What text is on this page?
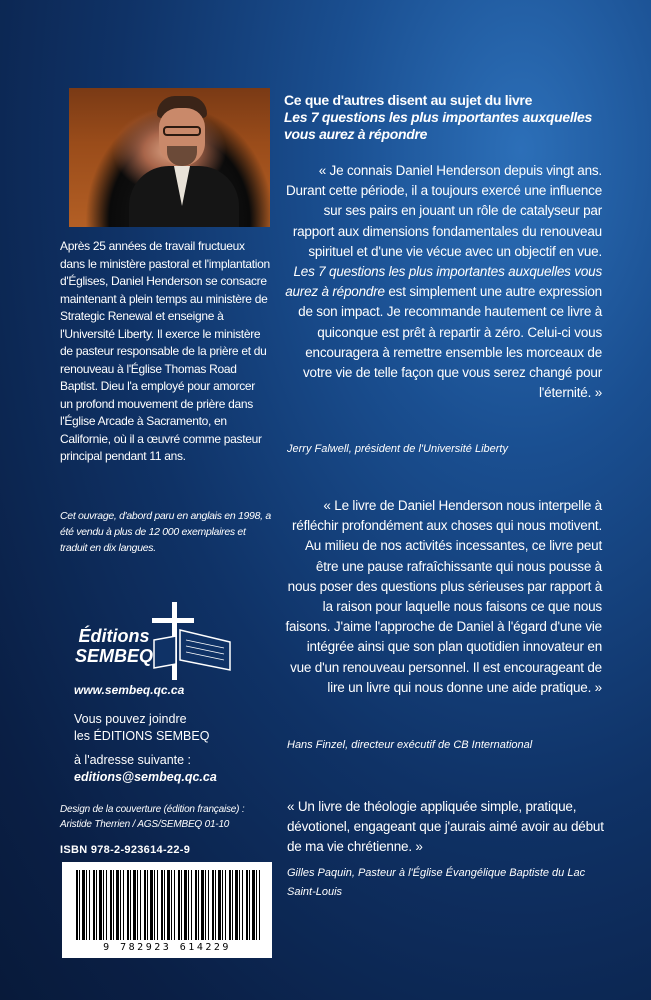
Après 25 années de travail fructueux dans le ministère pastoral et l'implantation d'Églises, Daniel Henderson se consacre maintenant à plein temps au ministère de Strategic Renewal et enseigne à l'Université Liberty. Il exerce le ministère de pasteur responsable de la prière et du renouveau à l'Église Thomas Road Baptist. Dieu l'a employé pour amorcer un profond mouvement de prière dans l'Église Arcade à Sacramento, en Californie, où il a œuvré comme pasteur principal pendant 11 ans.
Cet ouvrage, d'abord paru en anglais en 1998, a été vendu à plus de 12 000 exemplaires et traduit en dix langues.
Éditions
SEMBEQ
www.sembeq.qc.ca
Vous pouvez joindre
les ÉDITIONS SEMBEQ
à l'adresse suivante :
editions@sembeq.qc.ca
Design de la couverture (édition française) :
Aristide Therrien / AGS/SEMBEQ 01-10
ISBN 978-2-923614-22-9
9 782923 614229
Ce que d'autres disent au sujet du livre
Les 7 questions les plus importantes auxquelles vous aurez à répondre
« Je connais Daniel Henderson depuis vingt ans. Durant cette période, il a toujours exercé une influence sur ses pairs en jouant un rôle de catalyseur par rapport aux dimensions fondamentales du renouveau spirituel et d'une vie vécue avec un objectif en vue. Les 7 questions les plus importantes auxquelles vous aurez à répondre est simplement une autre expression de son impact. Je recommande hautement ce livre à quiconque est prêt à repartir à zéro. Celui-ci vous encouragera à remettre ensemble les morceaux de votre vie de telle façon que vous serez changé pour l'éternité. »
Jerry Falwell, président de l'Université Liberty
« Le livre de Daniel Henderson nous interpelle à réfléchir profondément aux choses qui nous motivent. Au milieu de nos activités incessantes, ce livre peut être une pause rafraîchissante qui nous pousse à nous poser des questions plus sérieuses par rapport à la raison pour laquelle nous faisons ce que nous faisons. J'aime l'approche de Daniel à l'égard d'une vie intégrée ainsi que son plan quotidien innovateur en vue d'un renouveau personnel. Il est encourageant de lire un livre qui nous donne une aide pratique. »
Hans Finzel, directeur exécutif de CB International
« Un livre de théologie appliquée simple, pratique, dévotionel, engageant que j'aurais aimé avoir au début de ma vie chrétienne. »
Gilles Paquin, Pasteur à l'Église Évangélique Baptiste du Lac Saint-Louis
